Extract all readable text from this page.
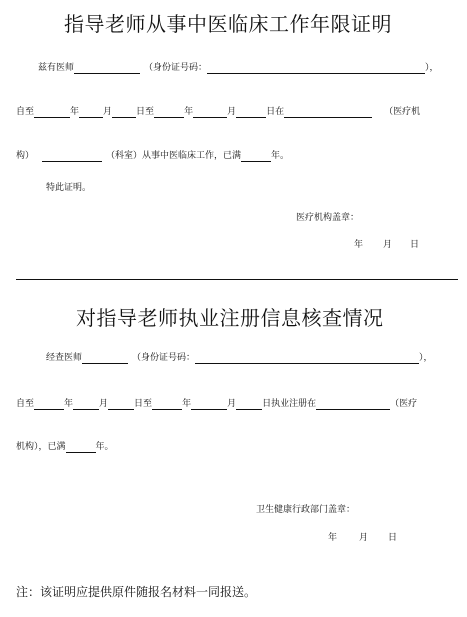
指导老师从事中医临床工作年限证明
兹有医师	（身份证号码：	），
自至	年	月	日至	年	月	日在	（医疗机
构）	（科室）从事中医临床工作，已满	年。
特此证明。
医疗机构盖章：
年 月 日
对指导老师执业注册信息核查情况
经查医师	（身份证号码：	），
自至	年	月	日至	年	月	日执业注册在	（医疗
机构），已满	年。
卫生健康行政部门盖章：
年 月 日
注：该证明应提供原件随报名材料一同报送。
